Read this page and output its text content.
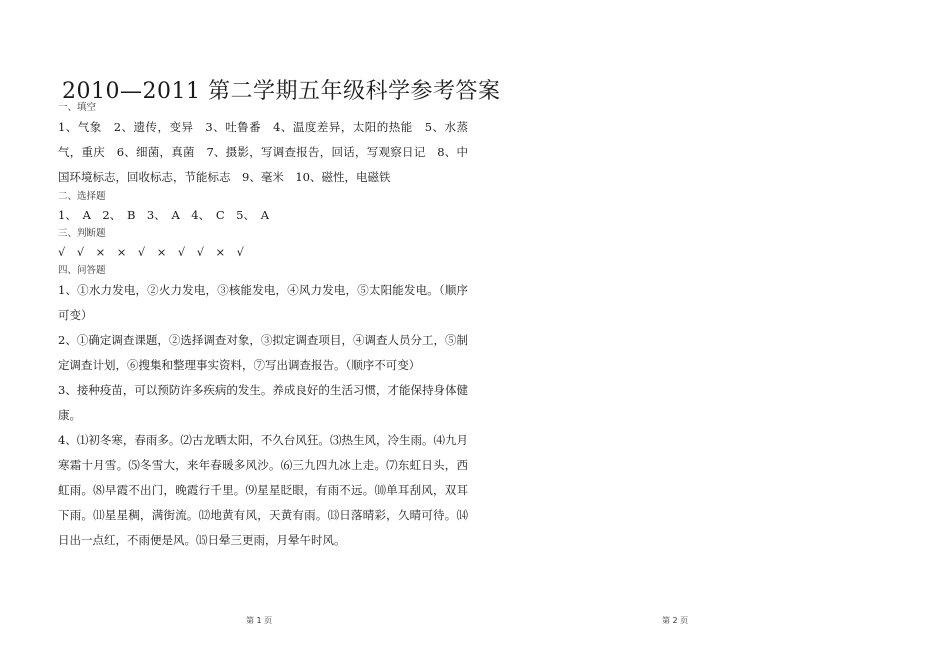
2010—2011 第二学期五年级科学参考答案
一、填空
1、气象　2、遗传，变异　3、吐鲁番　4、温度差异，太阳的热能　5、水蒸气，重庆　6、细菌，真菌　7、摄影，写调查报告，回话，写观察日记　8、中国环境标志，回收标志，节能标志　9、毫米　10、磁性，电磁铁
二、选择题
1、　A　2、　B　3、　A　4、　C　5、　A
三、判断题
√　√　×　×　√　×　√　√　×　√
四、问答题
1、①水力发电，②火力发电，③核能发电，④风力发电，⑤太阳能发电。（顺序可变）
2、①确定调查课题，②选择调查对象，③拟定调查项目，④调查人员分工，⑤制定调查计划，⑥搜集和整理事实资料，⑦写出调查报告。（顺序不可变）
3、接种疫苗，可以预防许多疾病的发生。养成良好的生活习惯，才能保持身体健康。
4、⑴初冬寒，春雨多。⑵古龙晒太阳，不久台风狂。⑶热生风，冷生雨。⑷九月寒霜十月雪。⑸冬雪大，来年春暖多风沙。⑹三九四九冰上走。⑺东虹日头，西虹雨。⑻早霞不出门，晚霞行千里。⑼星星眨眼，有雨不远。⑽单耳刮风，双耳下雨。⑾星星稠，满街流。⑿地黄有风，天黄有雨。⒀日落晴彩，久晴可待。⒁日出一点红，不雨便是风。⒂日晕三更雨，月晕午时风。
第 1 页	第 2 页
